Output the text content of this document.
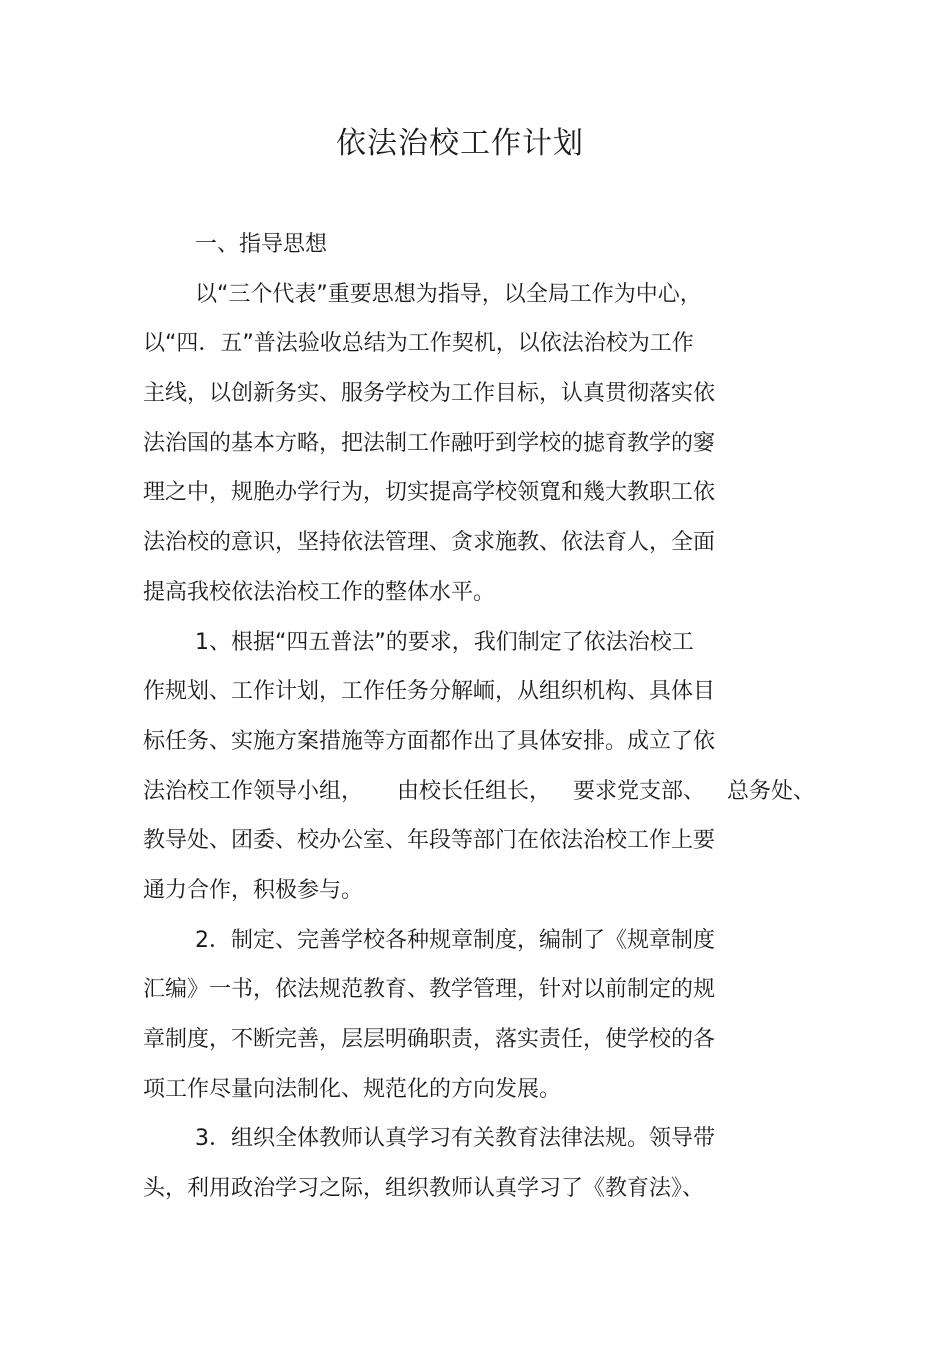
依法治校工作计划
一、指导思想
以“三个代表”重要思想为指导，以全局工作为中心，
以“四．五”普法验收总结为工作契机，以依法治校为工作
主线，以创新务实、服务学校为工作目标，认真贯彻落实依
法治国的基本方略，把法制工作融吁到学校的摅育教学的窭
理之中，规脃办学行为，切实提高学校领寬和幾大教职工依
法治校的意识，坚持依法管理、贪求施教、依法育人，全面
提高我校依法治校工作的整体水平。
1、根据“四五普法”的要求，我们制定了依法治校工
作规划、工作计划，工作任务分解峏，从组织机构、具体目
标任务、实施方案措施等方面都作出了具体安排。成立了依
法治校工作领导小组， 由校长任组长， 要求党支部、 总务处、
教导处、团委、校办公室、年段等部门在依法治校工作上要
通力合作，积极参与。
2．制定、完善学校各种规章制度，编制了《规章制度
汇编》一书，依法规范教育、教学管理，针对以前制定的规
章制度，不断完善，层层明确职责，落实责任，使学校的各
项工作尽量向法制化、规范化的方向发展。
3．组织全体教师认真学习有关教育法律法规。领导带
头，利用政治学习之际，组织教师认真学习了《教育法》、
